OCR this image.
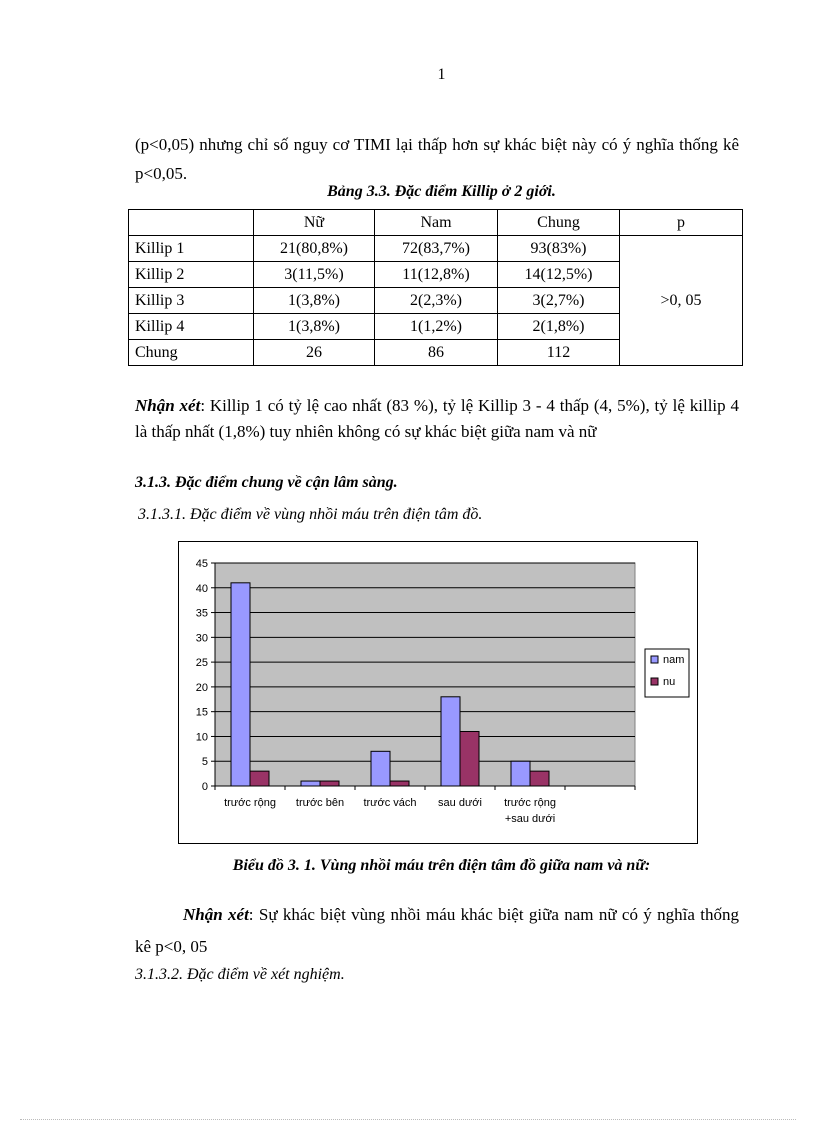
1

(p<0,05) nhưng chỉ số nguy cơ TIMI lại thấp hơn sự khác biệt này có ý nghĩa thống kê p<0,05.

Bảng 3.3. Đặc điểm Killip ở 2 giới.
	Nữ	Nam	Chung	p
Killip 1	21(80,8%)	72(83,7%)	93(83%)	>0, 05
Killip 2	3(11,5%)	11(12,8%)	14(12,5%)	
Killip 3	1(3,8%)	2(2,3%)	3(2,7%)	
Killip 4	1(3,8%)	1(1,2%)	2(1,8%)	
Chung	26	86	112	

Nhận xét: Killip 1 có tỷ lệ cao nhất (83 %), tỷ lệ Killip 3 - 4 thấp (4, 5%), tỷ lệ killip 4 là thấp nhất (1,8%) tuy nhiên không có sự khác biệt giữa nam và nữ

3.1.3. Đặc điểm chung về cận lâm sàng.
3.1.3.1. Đặc điểm về vùng nhồi máu trên điện tâm đồ.
0
5
10
15
20
25
30
35
40
45
trước rộng trước bên trước vách sau dưới trước rộng
+sau dưới
nam
nu
Biểu đồ 3. 1. Vùng nhồi máu trên điện tâm đồ giữa nam và nữ:

Nhận xét: Sự khác biệt vùng nhồi máu khác biệt giữa nam nữ có ý nghĩa thống kê p<0, 05

3.1.3.2. Đặc điểm về xét nghiệm.
